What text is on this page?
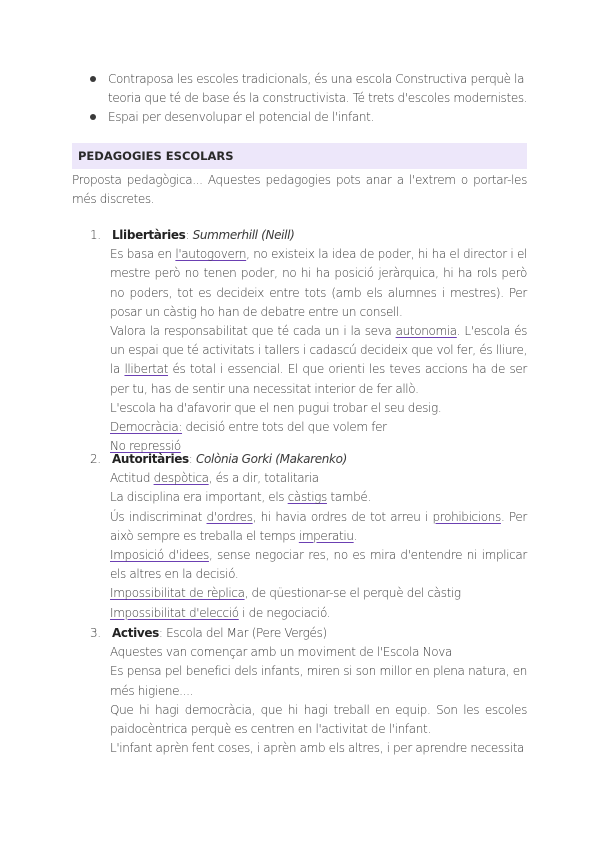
Contraposa les escoles tradicionals, és una escola Constructiva perquè la teoria que té de base és la constructivista. Té trets d'escoles modernistes.

Espai per desenvolupar el potencial de l'infant.

PEDAGOGIES ESCOLARS

Proposta pedagògica... Aquestes pedagogies pots anar a l'extrem o portar-les més discretes.

1. Llibertàries: Summerhill (Neill)

Es basa en l'autogovern, no existeix la idea de poder, hi ha el director i el mestre però no tenen poder, no hi ha posició jeràrquica, hi ha rols però no poders, tot es decideix entre tots (amb els alumnes i mestres). Per posar un càstig ho han de debatre entre un consell.

Valora la responsabilitat que té cada un i la seva autonomia. L'escola és un espai que té activitats i tallers i cadascú decideix que vol fer, és lliure, la llibertat és total i essencial. El que orienti les teves accions ha de ser per tu, has de sentir una necessitat interior de fer allò.

L'escola ha d'afavorir que el nen pugui trobar el seu desig.

Democràcia: decisió entre tots del que volem fer

No repressió

2. Autoritàries: Colònia Gorki (Makarenko)

Actitud despòtica, és a dir, totalitaria

La disciplina era important, els càstigs també.

Ús indiscriminat d'ordres, hi havia ordres de tot arreu i prohibicions. Per això sempre es treballa el temps imperatiu.

Imposició d'idees, sense negociar res, no es mira d'entendre ni implicar els altres en la decisió.

Impossibilitat de rèplica, de qüestionar-se el perquè del càstig

Impossibilitat d'elecció i de negociació.

3. Actives: Escola del Mar (Pere Vergés)

Aquestes van començar amb un moviment de l'Escola Nova

Es pensa pel benefici dels infants, miren si son millor en plena natura, en més higiene....

Que hi hagi democràcia, que hi hagi treball en equip. Son les escoles paidocèntrica perquè es centren en l'activitat de l'infant.

L'infant aprèn fent coses, i aprèn amb els altres, i per aprendre necessita
